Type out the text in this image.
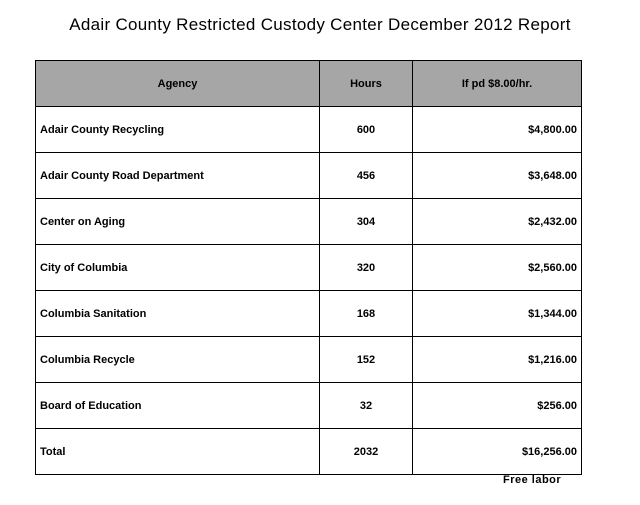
Adair County Restricted Custody Center December 2012 Report
Agency	Hours	If pd $8.00/hr.
Adair County Recycling	600	$4,800.00
Adair County Road Department	456	$3,648.00
Center on Aging	304	$2,432.00
City of Columbia	320	$2,560.00
Columbia Sanitation	168	$1,344.00
Columbia Recycle	152	$1,216.00
Board of Education	32	$256.00
Total	2032	$16,256.00
Free labor
